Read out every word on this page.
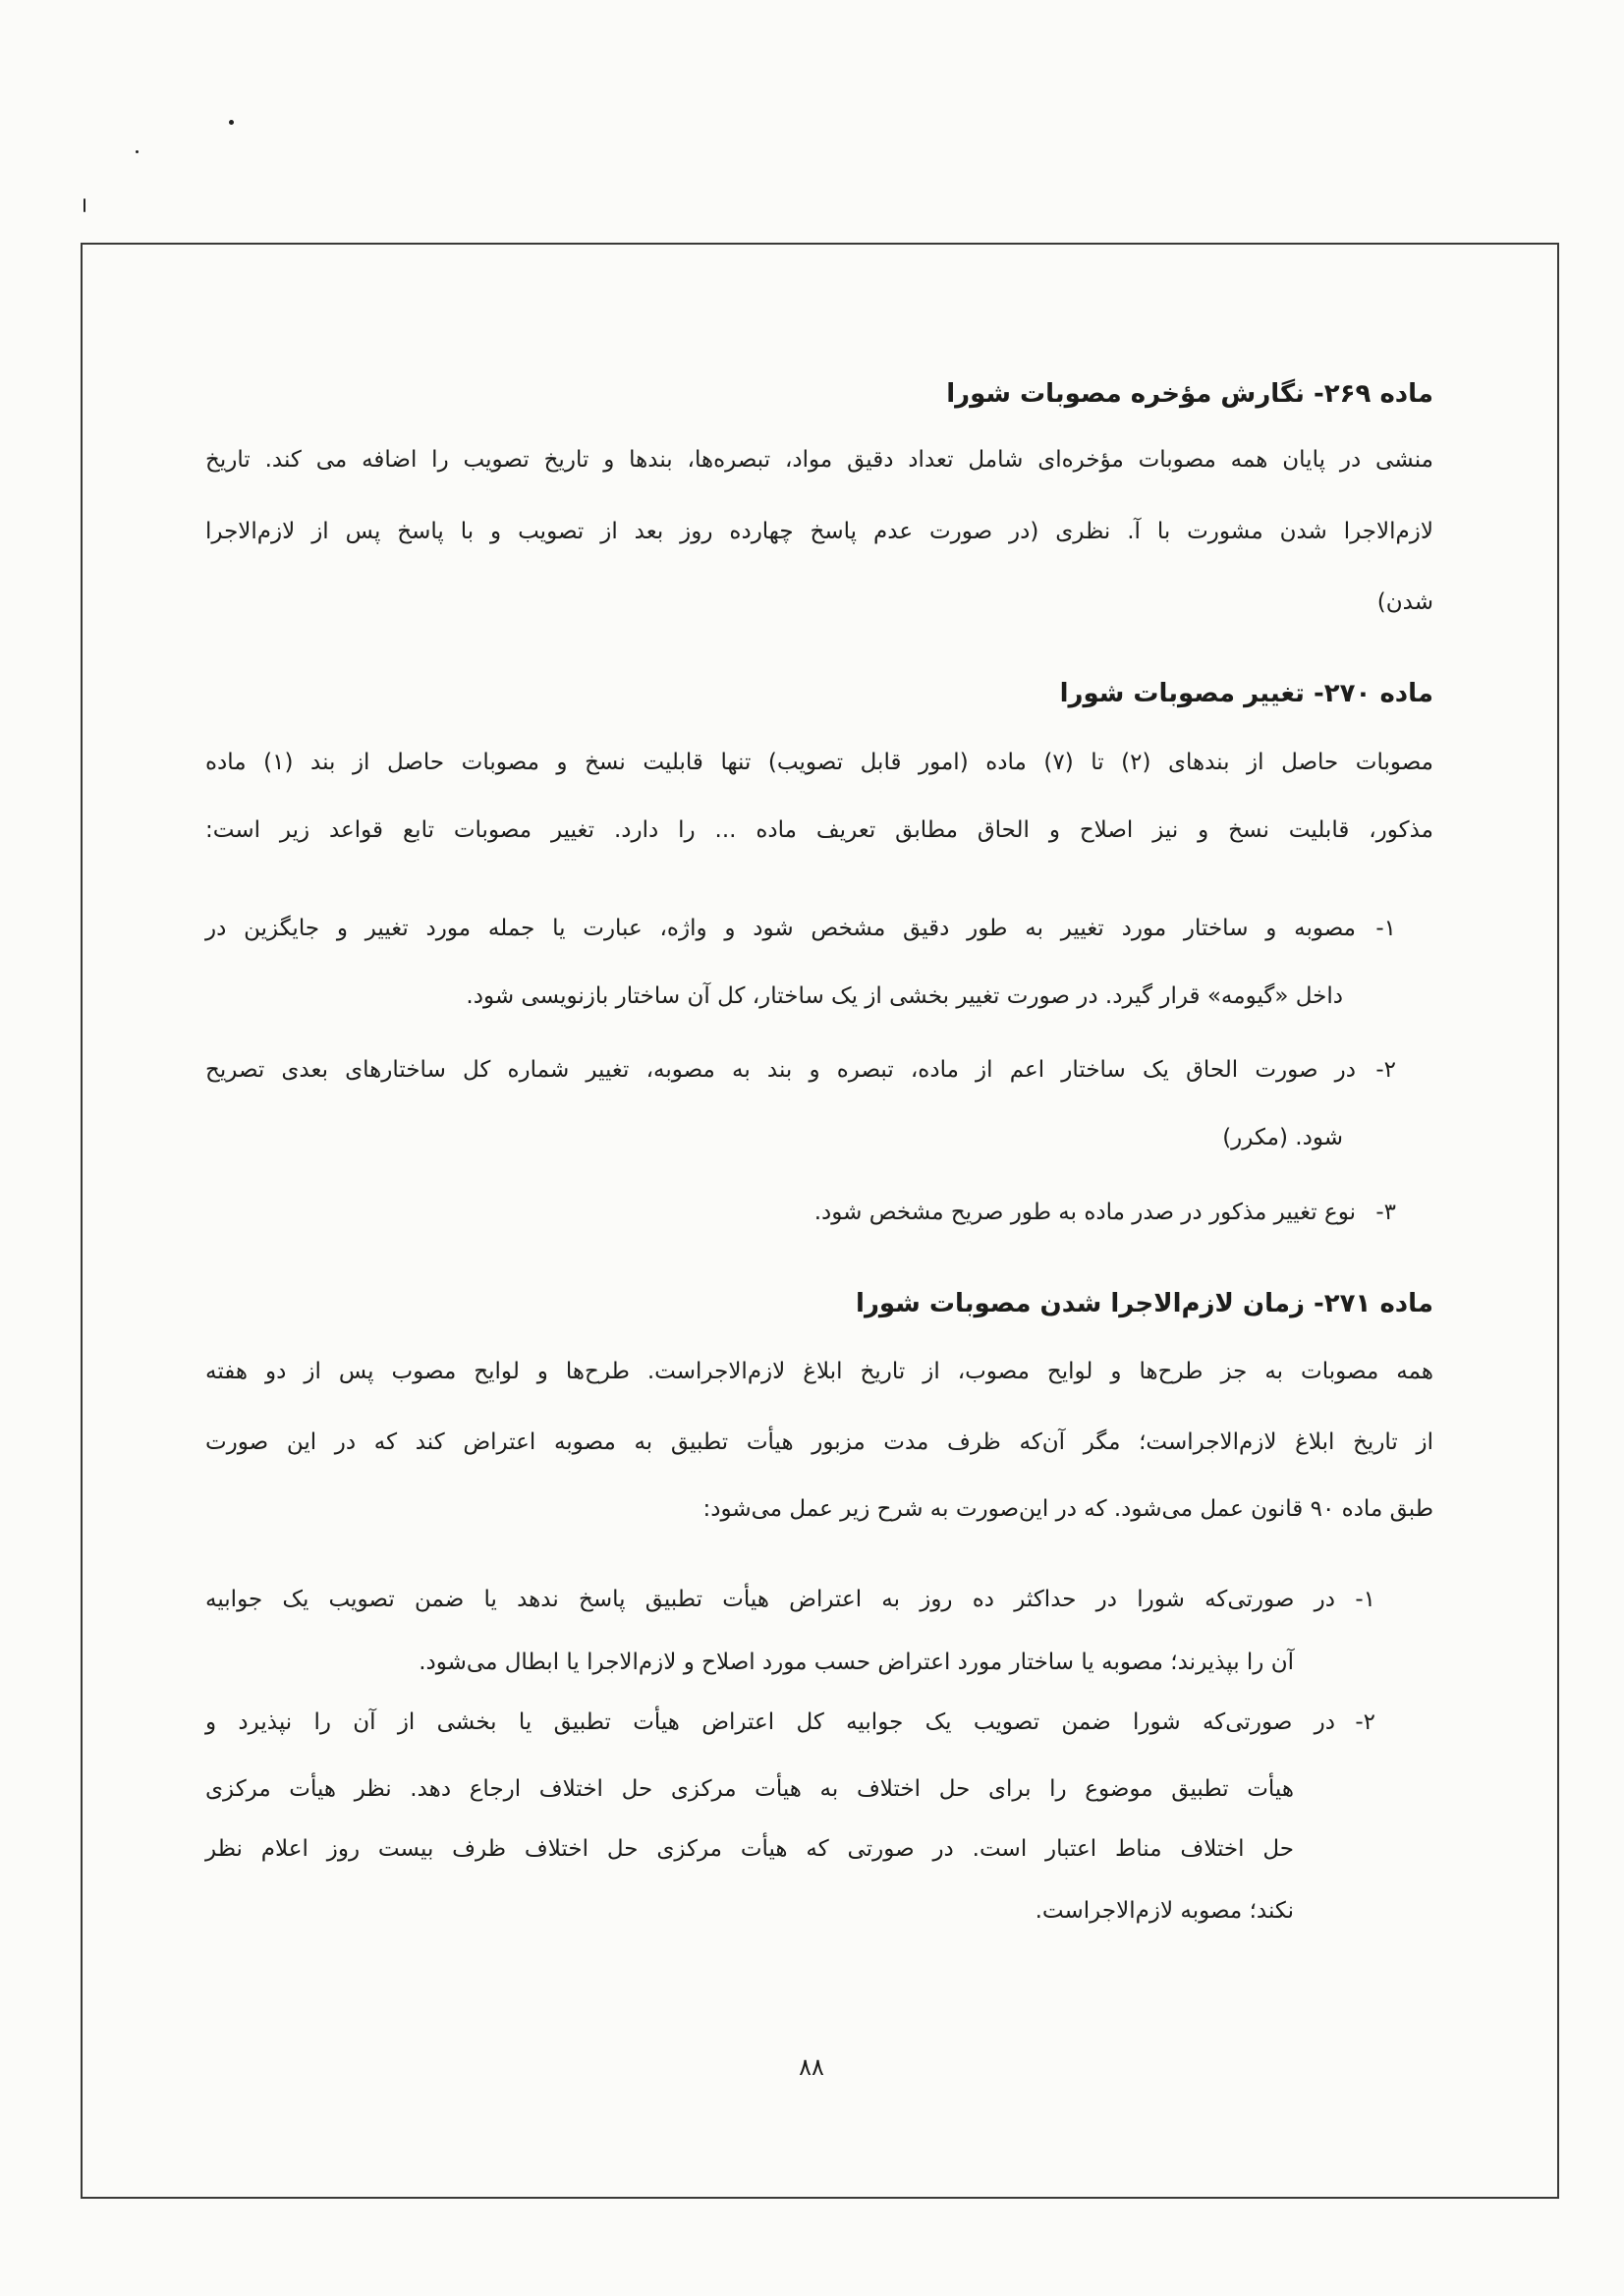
ماده ۲۶۹- نگارش مؤخره مصوبات شورا
منشی در پایان همه مصوبات مؤخره‌ای شامل تعداد دقیق مواد، تبصره‌ها، بندها و تاریخ تصویب را اضافه می کند. تاریخ
لازم‌الاجرا شدن مشورت با آ. نظری (در صورت عدم پاسخ چهارده روز بعد از تصویب و با پاسخ پس از لازم‌الاجرا
شدن)
ماده ۲۷۰- تغییر مصوبات شورا
مصوبات حاصل از بندهای (۲) تا (۷) ماده (امور قابل تصویب) تنها قابلیت نسخ و مصوبات حاصل از بند (۱) ماده
مذکور، قابلیت نسخ و نیز اصلاح و الحاق مطابق تعریف ماده ... را دارد. تغییر مصوبات تابع قواعد زیر است:
۱-
مصوبه و ساختار مورد تغییر به طور دقیق مشخص شود و واژه، عبارت یا جمله مورد تغییر و جایگزین در
داخل «گیومه» قرار گیرد. در صورت تغییر بخشی از یک ساختار، کل آن ساختار بازنویسی شود.
۲-
در صورت الحاق یک ساختار اعم از ماده، تبصره و بند به مصوبه، تغییر شماره کل ساختارهای بعدی تصریح
شود. (مکرر)
۳-
نوع تغییر مذکور در صدر ماده به طور صریح مشخص شود.
ماده ۲۷۱- زمان لازم‌الاجرا شدن مصوبات شورا
همه مصوبات به جز طرح‌ها و لوایح مصوب، از تاریخ ابلاغ لازم‌الاجراست. طرح‌ها و لوایح مصوب پس از دو هفته
از تاریخ ابلاغ لازم‌الاجراست؛ مگر آن‌که ظرف مدت مزبور هیأت تطبیق به مصوبه اعتراض کند که در این صورت
طبق ماده ۹۰ قانون عمل می‌شود. که در این‌صورت به شرح زیر عمل می‌شود:
۱-
در صورتی‌که شورا در حداکثر ده روز به اعتراض هیأت تطبیق پاسخ ندهد یا ضمن تصویب یک جوابیه
آن را بپذیرند؛ مصوبه یا ساختار مورد اعتراض حسب مورد اصلاح و لازم‌الاجرا یا ابطال می‌شود.
۲-
در صورتی‌که شورا ضمن تصویب یک جوابیه کل اعتراض هیأت تطبیق یا بخشی از آن را نپذیرد و
هیأت تطبیق موضوع را برای حل اختلاف به هیأت مرکزی حل اختلاف ارجاع دهد. نظر هیأت مرکزی
حل اختلاف مناط اعتبار است. در صورتی که هیأت مرکزی حل اختلاف ظرف بیست روز اعلام نظر
نکند؛ مصوبه لازم‌الاجراست.
۸۸
